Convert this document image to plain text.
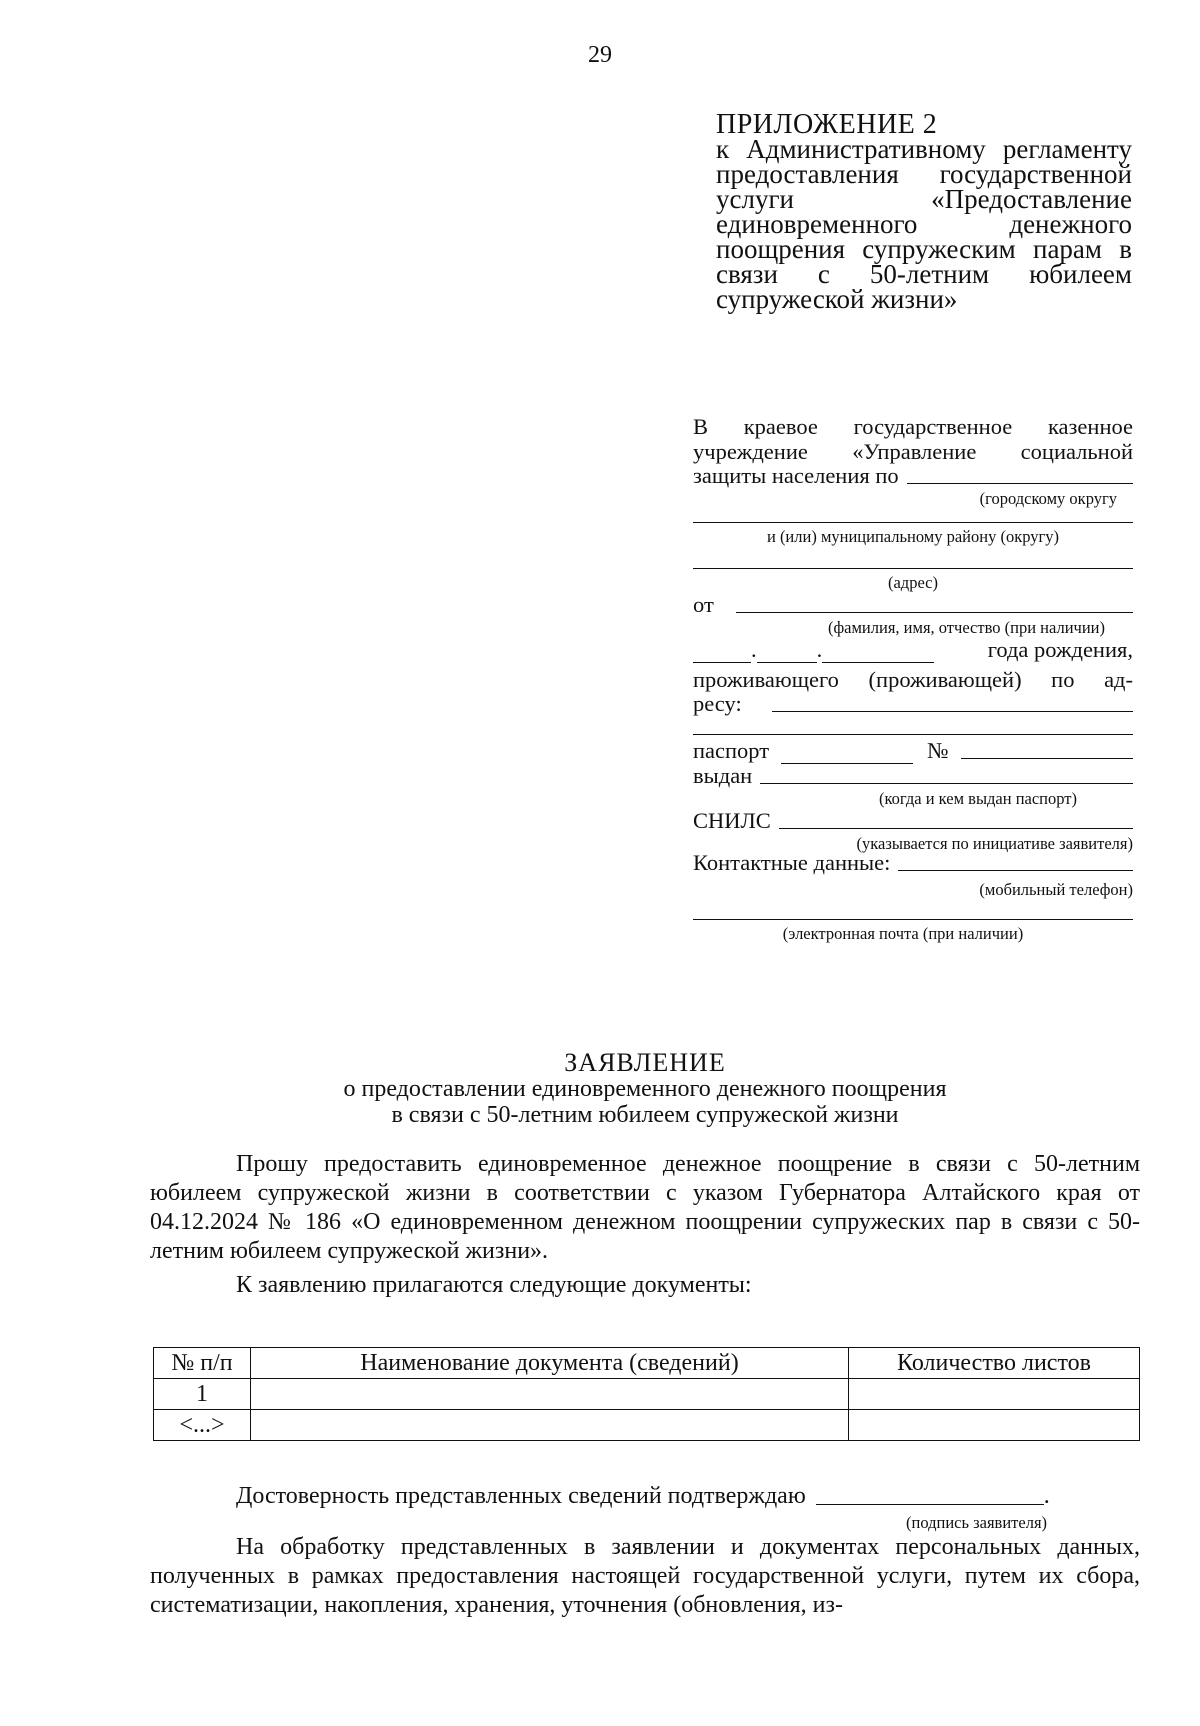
29
ПРИЛОЖЕНИЕ 2
к Административному регламенту предоставления государственной услуги «Предоставление единовременного денежного поощрения супружеским парам в связи с 50-летним юбилеем супружеской жизни»
В краевое государственное казенное учреждение «Управление социальной
защиты населения по
(городскому округу
и (или) муниципальному району (округу)
(адрес)
от
(фамилия, имя, отчество (при наличии)
.	.	года рождения,
проживающего (проживающей) по ад-
ресу:
паспорт	№
выдан
(когда и кем выдан паспорт)
СНИЛС
(указывается по инициативе заявителя)
Контактные данные:
(мобильный телефон)
(электронная почта (при наличии)
ЗАЯВЛЕНИЕ
о предоставлении единовременного денежного поощрения
в связи с 50-летним юбилеем супружеской жизни

Прошу предоставить единовременное денежное поощрение в связи с 50-летним юбилеем супружеской жизни в соответствии с указом Губернатора Алтайского края от 04.12.2024 № 186 «О единовременном денежном поощрении супружеских пар в связи с 50-летним юбилеем супружеской жизни».

К заявлению прилагаются следующие документы:

№ п/п	Наименование документа (сведений)	Количество листов
1		
<...>		
Достоверность представленных сведений подтверждаю	.
(подпись заявителя)

На обработку представленных в заявлении и документах персональных данных, полученных в рамках предоставления настоящей государственной услуги, путем их сбора, систематизации, накопления, хранения, уточнения (обновления, из-
